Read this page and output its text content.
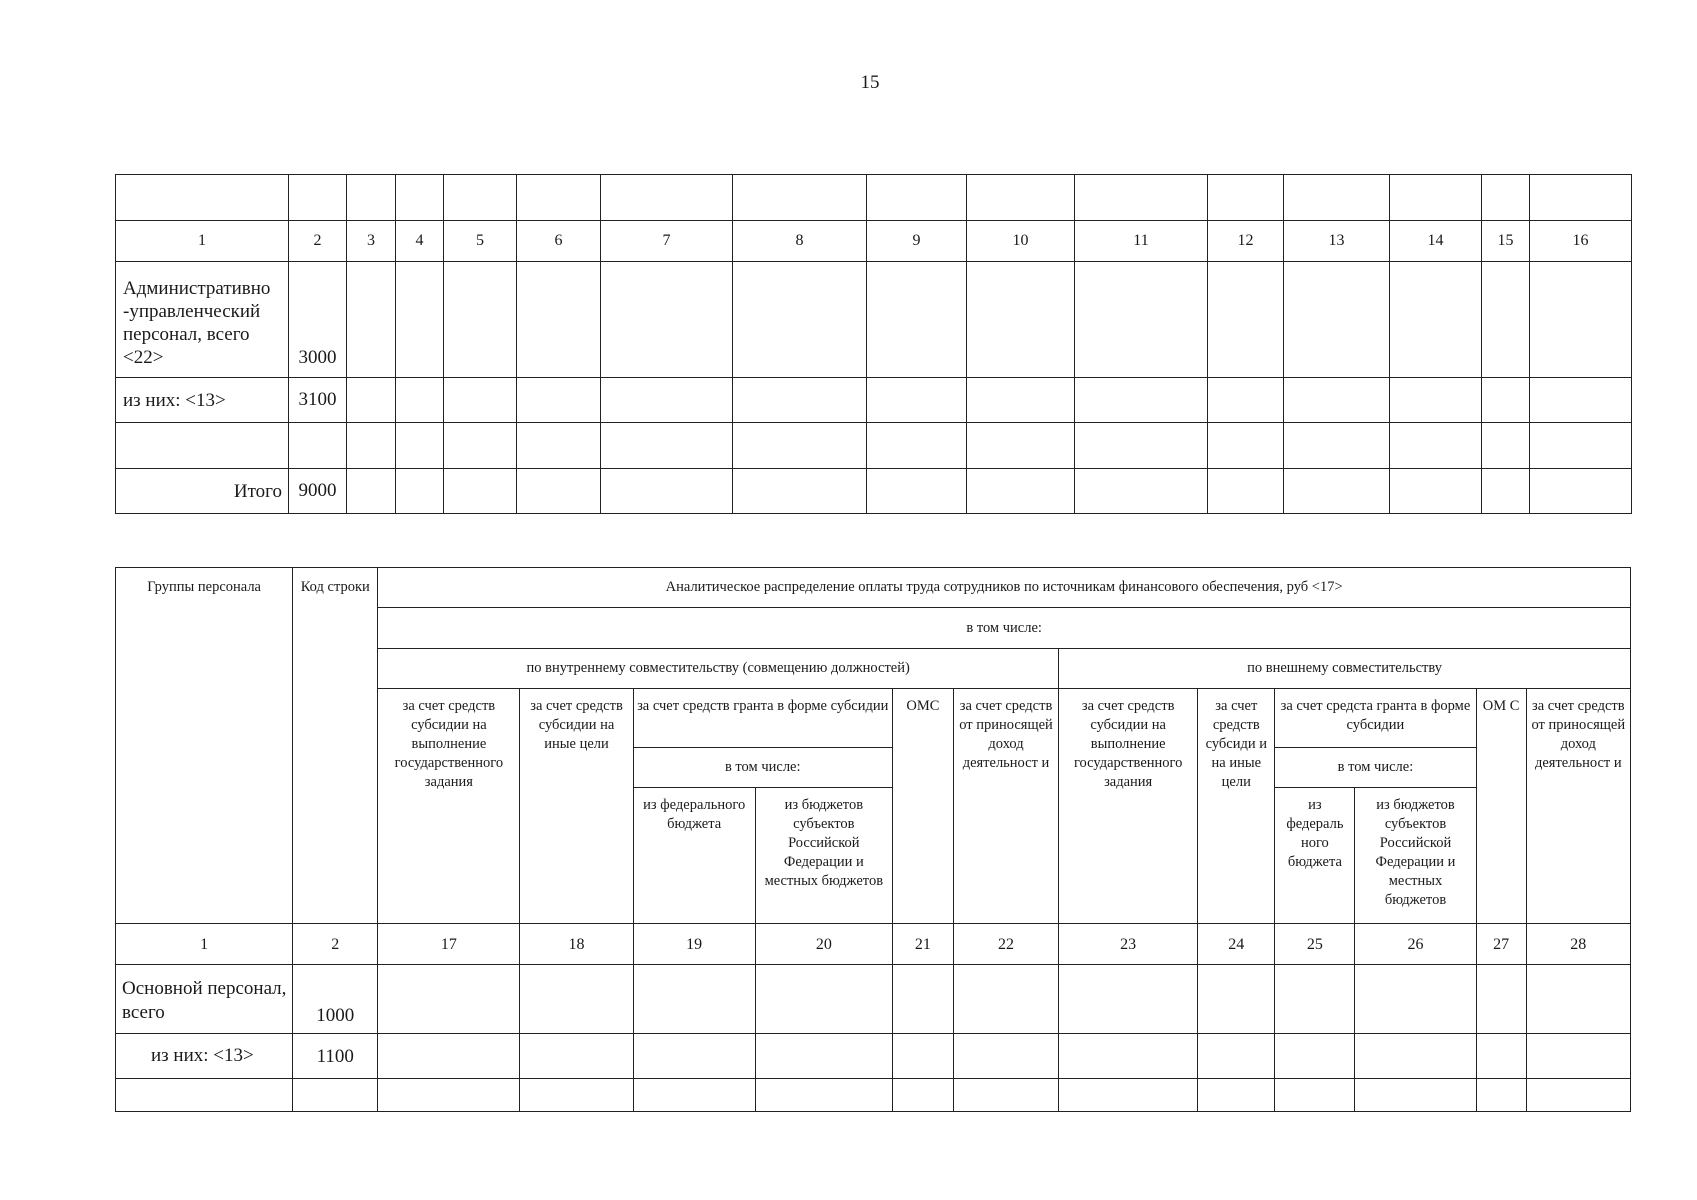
15

1	2	3	4	5	6	7	8	9	10	11	12	13	14	15	16
Административно -управленческий персонал, всего <22>	3000														
из них: <13>	3100														

Итого	9000														
Группы персонала	Код строки	Аналитическое распределение оплаты труда сотрудников по источникам финансового обеспечения, руб <17>											
		в том числе:											
		по внутреннему совместительству (совмещению должностей)						по внешнему совместительству					
		за счет средств субсидии на выполнение государственного задания	за счет средств субсидии на иные цели	за счет средств гранта в форме субсидии		ОМС	за счет средств от приносящей доход деятельност и	за счет средств субсидии на выполнение государственного задания	за счет средств субсиди и на иные цели	за счет средста гранта в форме субсидии		ОМ С	за счет средств от приносящей доход деятельност и
				в том числе:						в том числе:			
				из федерального бюджета	из бюджетов субъектов Российской Федерации и местных бюджетов					из федераль ного бюджета	из бюджетов субъектов Российской Федерации и местных бюджетов		
1	2	17	18	19	20	21	22	23	24	25	26	27	28
Основной персонал, всего	1000												
из них: <13>	1100												
